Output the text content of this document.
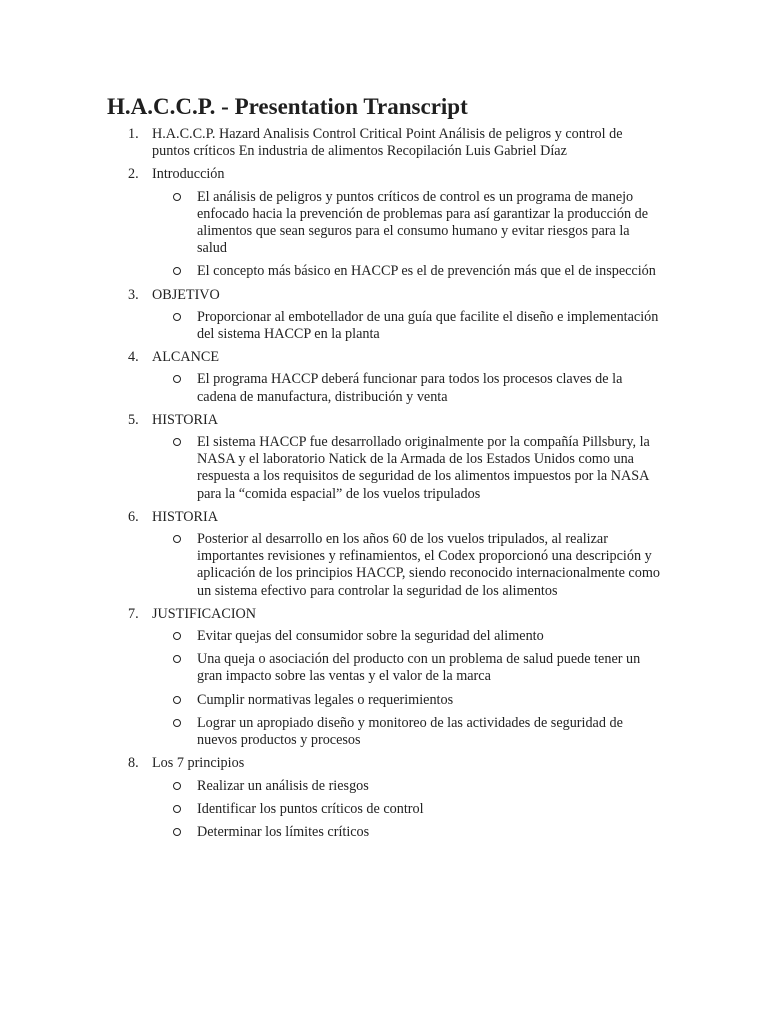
H.A.C.C.P. - Presentation Transcript
1. H.A.C.C.P. Hazard Analisis Control Critical Point Análisis de peligros y control de puntos críticos En industria de alimentos Recopilación Luis Gabriel Díaz
2. Introducción
El análisis de peligros y puntos críticos de control es un programa de manejo enfocado hacia la prevención de problemas para así garantizar la producción de alimentos que sean seguros para el consumo humano y evitar riesgos para la salud
El concepto más básico en HACCP es el de prevención más que el de inspección
3. OBJETIVO
Proporcionar al embotellador de una guía que facilite el diseño e implementación del sistema HACCP en la planta
4. ALCANCE
El programa HACCP deberá funcionar para todos los procesos claves de la cadena de manufactura, distribución y venta
5. HISTORIA
El sistema HACCP fue desarrollado originalmente por la compañía Pillsbury, la NASA y el laboratorio Natick de la Armada de los Estados Unidos como una respuesta a los requisitos de seguridad de los alimentos impuestos por la NASA para la “comida espacial” de los vuelos tripulados
6. HISTORIA
Posterior al desarrollo en los años 60 de los vuelos tripulados, al realizar importantes revisiones y refinamientos, el Codex proporcionó una descripción y aplicación de los principios HACCP, siendo reconocido internacionalmente como un sistema efectivo para controlar la seguridad de los alimentos
7. JUSTIFICACION
Evitar quejas del consumidor sobre la seguridad del alimento
Una queja o asociación del producto con un problema de salud puede tener un gran impacto sobre las ventas y el valor de la marca
Cumplir normativas legales o requerimientos
Lograr un apropiado diseño y monitoreo de las actividades de seguridad de nuevos productos y procesos
8. Los 7 principios
Realizar un análisis de riesgos
Identificar los puntos críticos de control
Determinar los límites críticos
